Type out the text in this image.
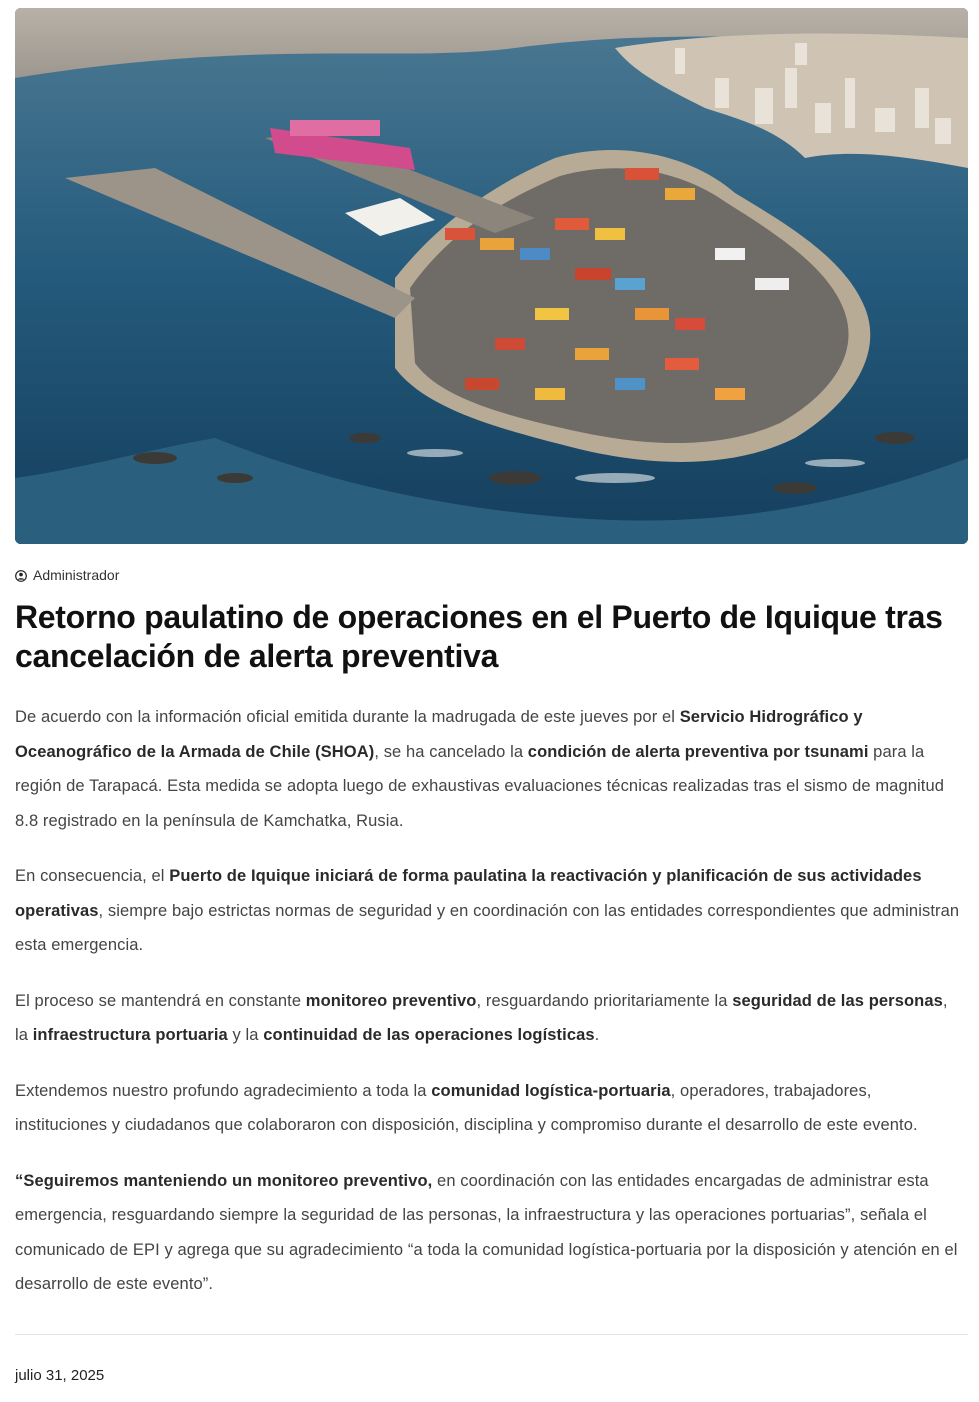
Administrador
Retorno paulatino de operaciones en el Puerto de Iquique tras cancelación de alerta preventiva

De acuerdo con la información oficial emitida durante la madrugada de este jueves por el Servicio Hidrográfico y Oceanográfico de la Armada de Chile (SHOA), se ha cancelado la condición de alerta preventiva por tsunami para la región de Tarapacá. Esta medida se adopta luego de exhaustivas evaluaciones técnicas realizadas tras el sismo de magnitud 8.8 registrado en la península de Kamchatka, Rusia.

En consecuencia, el Puerto de Iquique iniciará de forma paulatina la reactivación y planificación de sus actividades operativas, siempre bajo estrictas normas de seguridad y en coordinación con las entidades correspondientes que administran esta emergencia.

El proceso se mantendrá en constante monitoreo preventivo, resguardando prioritariamente la seguridad de las personas, la infraestructura portuaria y la continuidad de las operaciones logísticas.

Extendemos nuestro profundo agradecimiento a toda la comunidad logística-portuaria, operadores, trabajadores, instituciones y ciudadanos que colaboraron con disposición, disciplina y compromiso durante el desarrollo de este evento.

“Seguiremos manteniendo un monitoreo preventivo, en coordinación con las entidades encargadas de administrar esta emergencia, resguardando siempre la seguridad de las personas, la infraestructura y las operaciones portuarias”, señala el comunicado de EPI y agrega que su agradecimiento “a toda la comunidad logística-portuaria por la disposición y atención en el desarrollo de este evento”.

julio 31, 2025
